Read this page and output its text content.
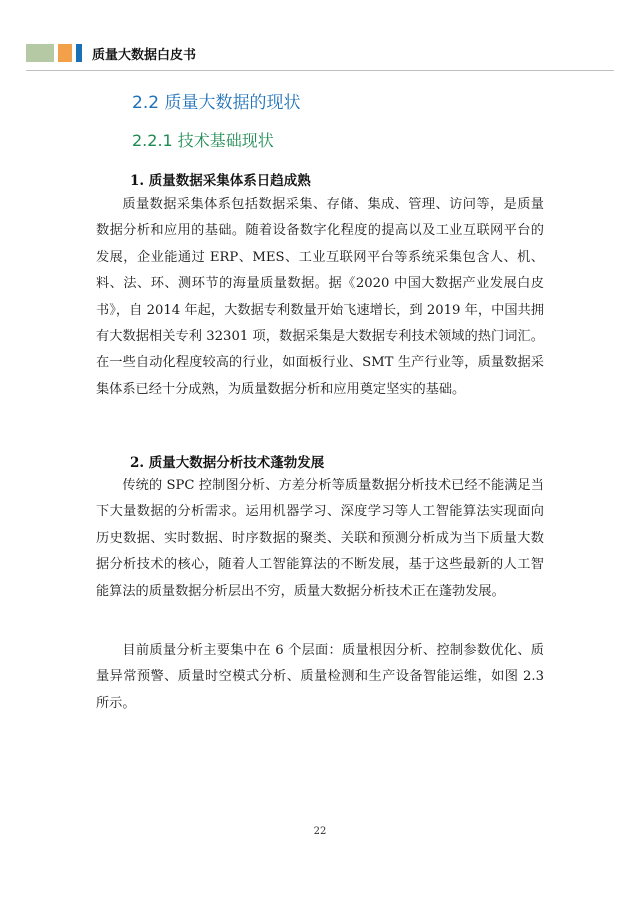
质量大数据白皮书
2.2 质量大数据的现状
2.2.1 技术基础现状
1. 质量数据采集体系日趋成熟

质量数据采集体系包括数据采集、存储、集成、管理、访问等，是质量数据分析和应用的基础。随着设备数字化程度的提高以及工业互联网平台的发展，企业能通过 ERP、MES、工业互联网平台等系统采集包含人、机、料、法、环、测环节的海量质量数据。据《2020 中国大数据产业发展白皮书》，自 2014 年起，大数据专利数量开始飞速增长，到 2019 年，中国共拥有大数据相关专利 32301 项，数据采集是大数据专利技术领域的热门词汇。在一些自动化程度较高的行业，如面板行业、SMT 生产行业等，质量数据采集体系已经十分成熟，为质量数据分析和应用奠定坚实的基础。

2. 质量大数据分析技术蓬勃发展

传统的 SPC 控制图分析、方差分析等质量数据分析技术已经不能满足当下大量数据的分析需求。运用机器学习、深度学习等人工智能算法实现面向历史数据、实时数据、时序数据的聚类、关联和预测分析成为当下质量大数据分析技术的核心，随着人工智能算法的不断发展，基于这些最新的人工智能算法的质量数据分析层出不穷，质量大数据分析技术正在蓬勃发展。

目前质量分析主要集中在 6 个层面：质量根因分析、控制参数优化、质量异常预警、质量时空模式分析、质量检测和生产设备智能运维，如图 2.3 所示。

22
